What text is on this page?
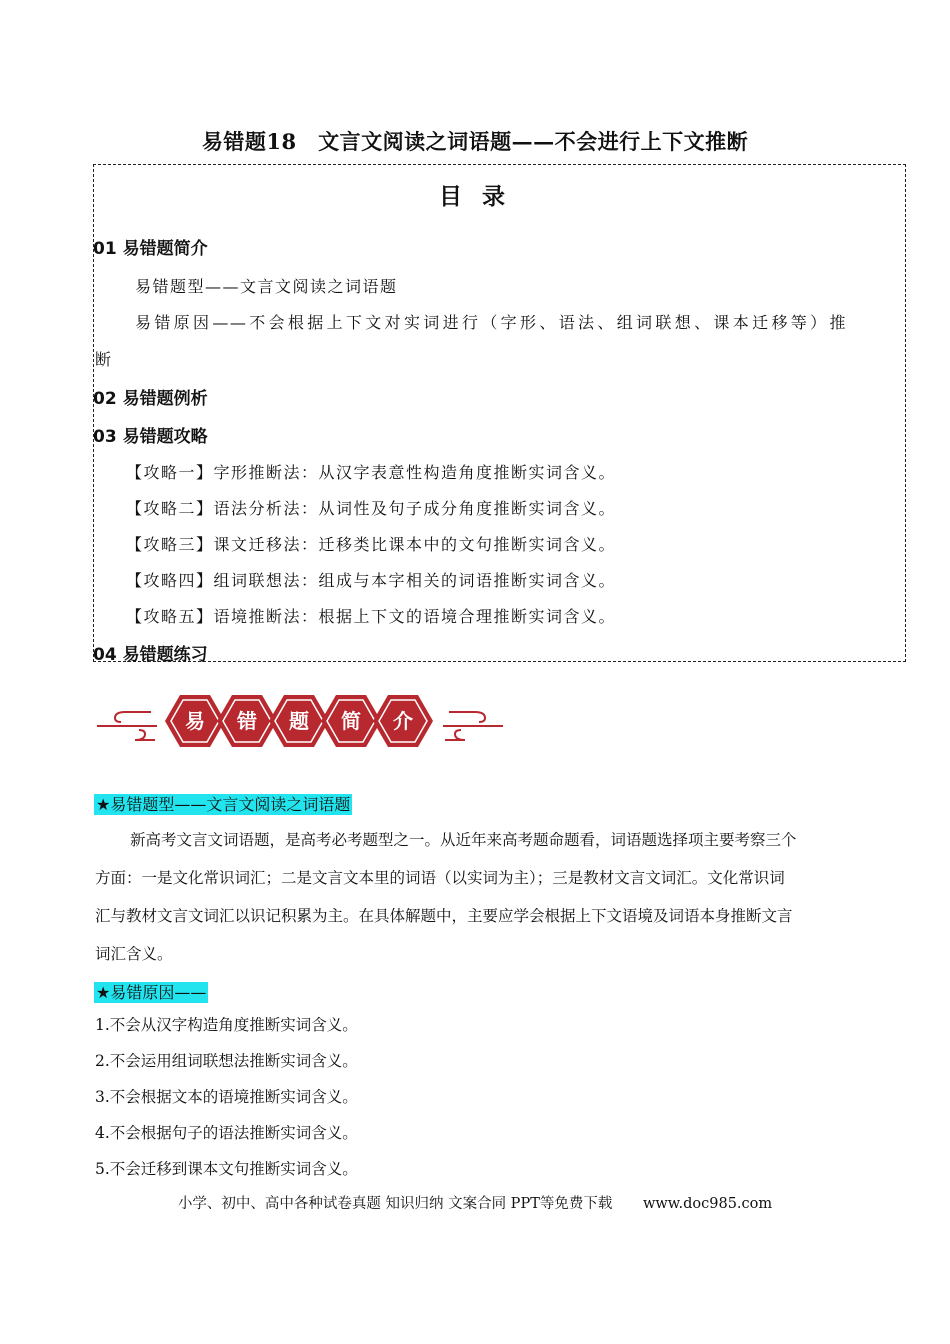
易错题18　文言文阅读之词语题——不会进行上下文推断
目 录
01 易错题简介
易错题型——文言文阅读之词语题
易错原因——不会根据上下文对实词进行（字形、语法、组词联想、课本迁移等）推
断
02 易错题例析
03 易错题攻略
【攻略一】字形推断法：从汉字表意性构造角度推断实词含义。
【攻略二】语法分析法：从词性及句子成分角度推断实词含义。
【攻略三】课文迁移法：迁移类比课本中的文句推断实词含义。
【攻略四】组词联想法：组成与本字相关的词语推断实词含义。
【攻略五】语境推断法：根据上下文的语境合理推断实词含义。
04 易错题练习
易 错 题 简 介
★易错题型——文言文阅读之词语题
新高考文言文词语题，是高考必考题型之一。从近年来高考题命题看，词语题选择项主要考察三个
方面：一是文化常识词汇；二是文言文本里的词语（以实词为主）；三是教材文言文词汇。文化常识词
汇与教材文言文词汇以识记积累为主。在具体解题中，主要应学会根据上下文语境及词语本身推断文言
词汇含义。
★易错原因——
1.不会从汉字构造角度推断实词含义。
2.不会运用组词联想法推断实词含义。
3.不会根据文本的语境推断实词含义。
4.不会根据句子的语法推断实词含义。
5.不会迁移到课本文句推断实词含义。
小学、初中、高中各种试卷真题 知识归纳 文案合同 PPT等免费下载 www.doc985.com
